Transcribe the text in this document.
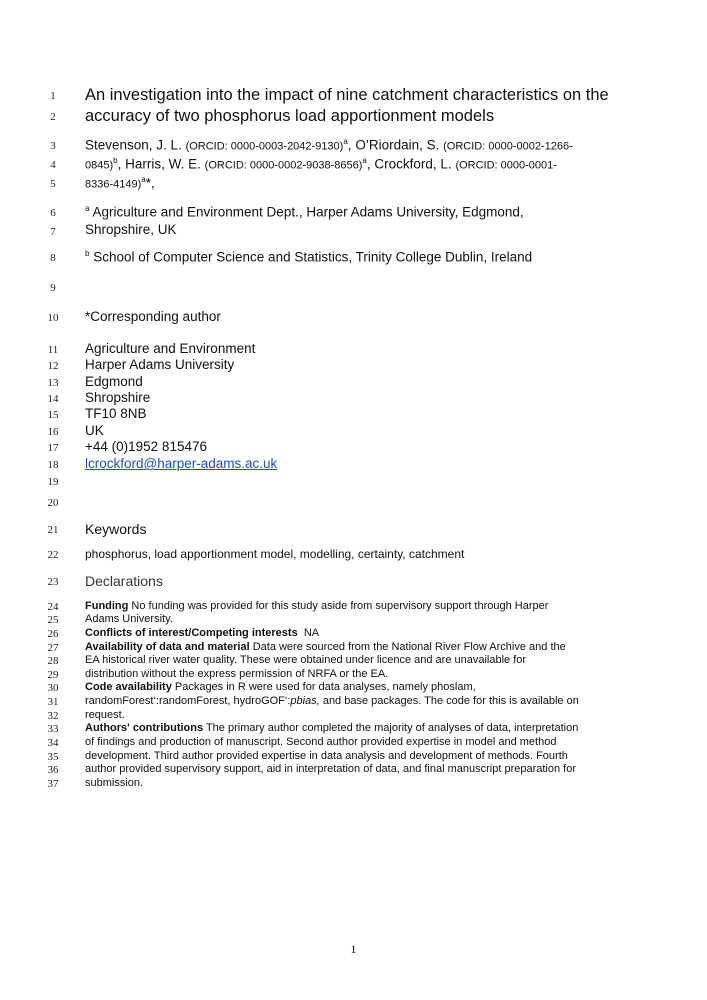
1
2
3
4
5
6
7
8
9
10
11
12
13
14
15
16
17
18
19
20
21
22
23
24
25
26
27
28
29
30
31
32
33
34
35
36
37
An investigation into the impact of nine catchment characteristics on the
accuracy of two phosphorus load apportionment models
Stevenson, J. L. (ORCID: 0000-0003-2042-9130)$^a$, O’Riordain, S. (ORCID: 0000-0002-1266-
0845)$^b$, Harris, W. E. (ORCID: 0000-0002-9038-8656)$^a$, Crockford, L. (ORCID: 0000-0001-
8336-4149)$^a$*,
$^a$ Agriculture and Environment Dept., Harper Adams University, Edgmond,
Shropshire, UK
$^b$ School of Computer Science and Statistics, Trinity College Dublin, Ireland
*Corresponding author
Agriculture and Environment
Harper Adams University
Edgmond
Shropshire
TF10 8NB
UK
+44 (0)1952 815476
lcrockford@harper-adams.ac.uk
Keywords
phosphorus, load apportionment model, modelling, certainty, catchment
Declarations
Funding No funding was provided for this study aside from supervisory support through Harper
Adams University.
Conflicts of interest/Competing interests NA
Availability of data and material Data were sourced from the National River Flow Archive and the
EA historical river water quality. These were obtained under licence and are unavailable for
distribution without the express permission of NRFA or the EA.
Code availability Packages in R were used for data analyses, namely phoslam,
randomForest‘:randomForest, hydroGOF‘:pbias, and base packages. The code for this is available on
request.
Authors' contributions The primary author completed the majority of analyses of data, interpretation
of findings and production of manuscript. Second author provided expertise in model and method
development. Third author provided expertise in data analysis and development of methods. Fourth
author provided supervisory support, aid in interpretation of data, and final manuscript preparation for
submission.
1
